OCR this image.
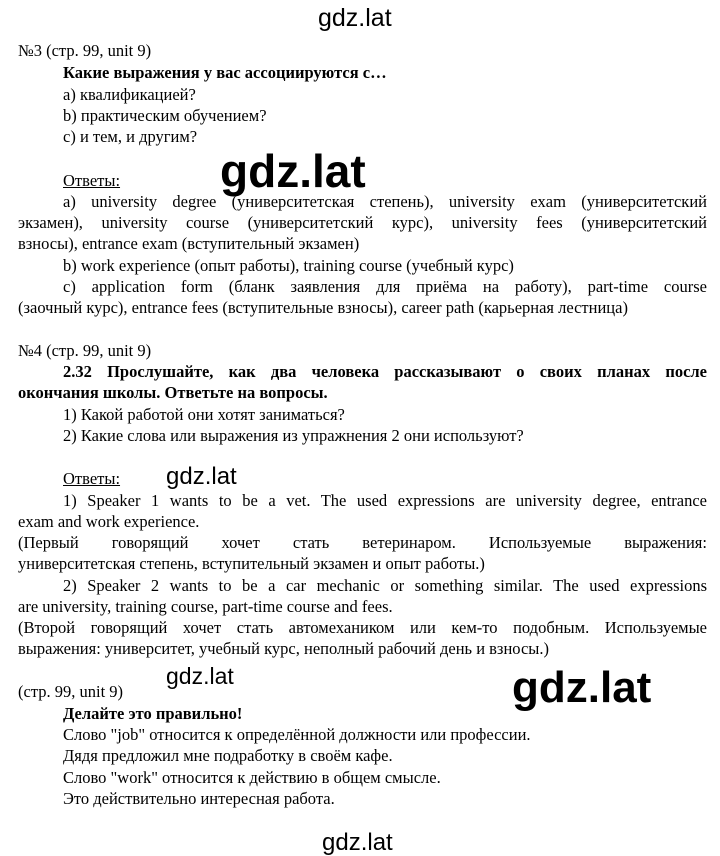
gdz.lat
gdz.lat
gdz.lat
gdz.lat	gdz.lat
gdz.lat
№3 (стр. 99, unit 9)
Какие выражения у вас ассоциируются с…
a) квалификацией?
b) практическим обучением?
c) и тем, и другим?
Ответы:
a) university degree (университетская степень), university exam (университетский
экзамен), university course (университетский курс), university fees (университетский
взносы), entrance exam (вступительный экзамен)
b) work experience (опыт работы), training course (учебный курс)
c) application form (бланк заявления для приёма на работу), part-time course
(заочный курс), entrance fees (вступительные взносы), career path (карьерная лестница)
№4 (стр. 99, unit 9)
2.32 Прослушайте, как два человека рассказывают о своих планах после
окончания школы. Ответьте на вопросы.
1) Какой работой они хотят заниматься?
2) Какие слова или выражения из упражнения 2 они используют?
Ответы:
1) Speaker 1 wants to be a vet. The used expressions are university degree, entrance
exam and work experience.
(Первый говорящий хочет стать ветеринаром. Используемые выражения:
университетская степень, вступительный экзамен и опыт работы.)
2) Speaker 2 wants to be a car mechanic or something similar. The used expressions
are university, training course, part-time course and fees.
(Второй говорящий хочет стать автомехаником или кем-то подобным. Используемые
выражения: университет, учебный курс, неполный рабочий день и взносы.)
(стр. 99, unit 9)
Делайте это правильно!
Слово "job" относится к определённой должности или профессии.
Дядя предложил мне подработку в своём кафе.
Слово "work" относится к действию в общем смысле.
Это действительно интересная работа.
